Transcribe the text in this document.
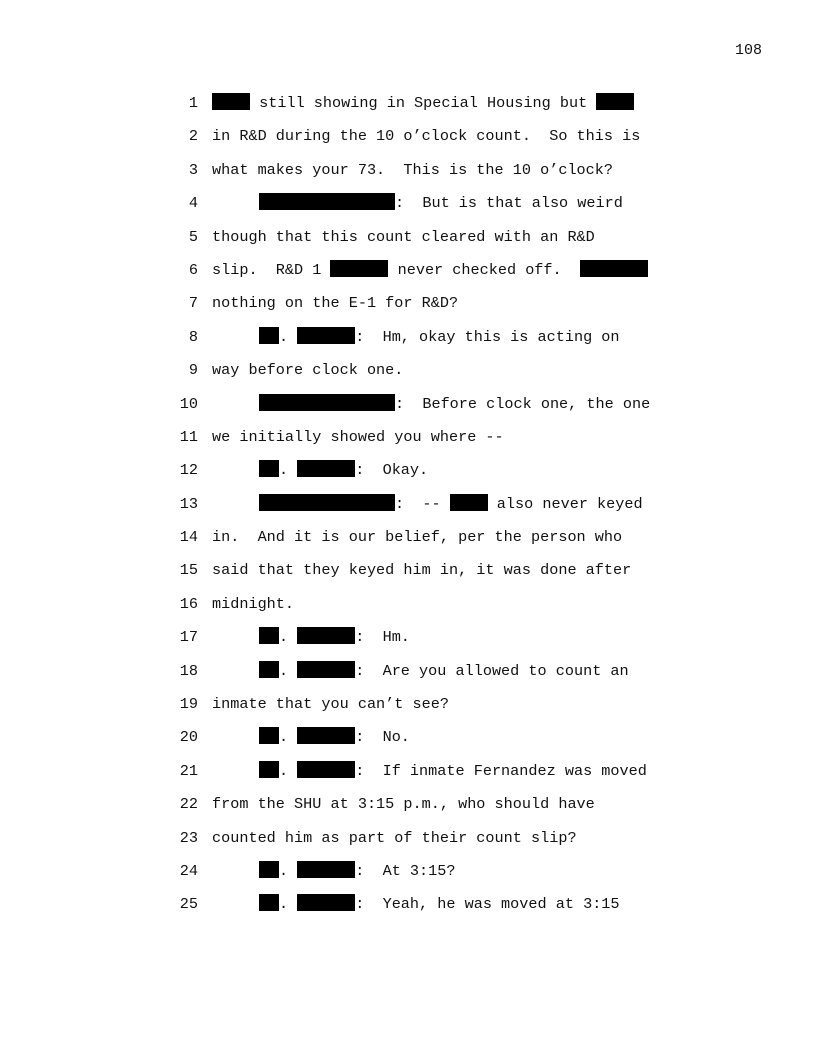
108
1	still showing in Special Housing but
2 in R&D during the 10 o’clock count.  So this is
3 what makes your 73.  This is the 10 o’clock?
4	:  But is that also weird
5 though that this count cleared with an R&D
6 slip.  R&D 1	never checked off.
7 nothing on the E-1 for R&D?
8	.	:  Hm, okay this is acting on
9 way before clock one.
10	:  Before clock one, the one
11 we initially showed you where --
12	.	:  Okay.
13	:  --	also never keyed
14 in.  And it is our belief, per the person who
15 said that they keyed him in, it was done after
16 midnight.
17	.	:  Hm.
18	.	:  Are you allowed to count an
19 inmate that you can’t see?
20	.	:  No.
21	.	:  If inmate Fernandez was moved
22 from the SHU at 3:15 p.m., who should have
23 counted him as part of their count slip?
24	.	:  At 3:15?
25	.	:  Yeah, he was moved at 3:15
